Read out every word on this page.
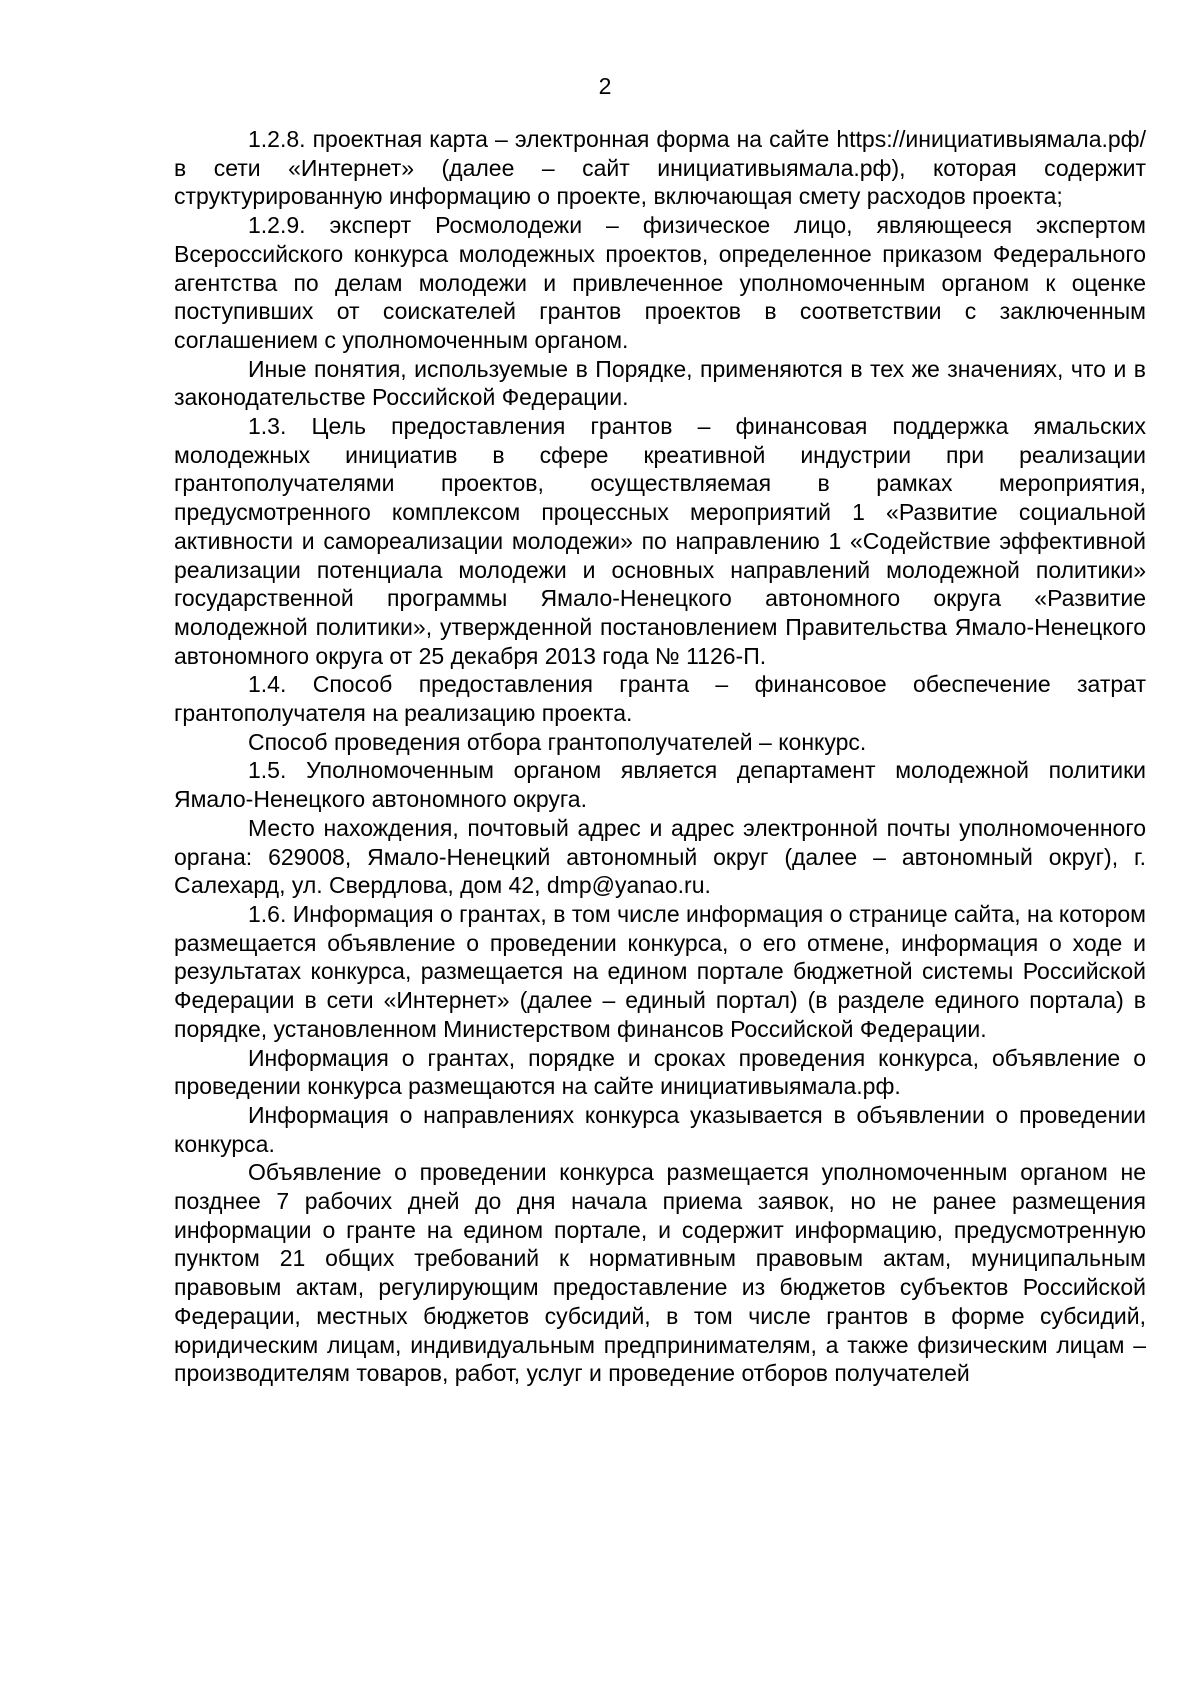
2

1.2.8. проектная карта – электронная форма на сайте https://инициативыямала.рф/ в сети «Интернет» (далее – сайт инициативыямала.рф), которая содержит структурированную информацию о проекте, включающая смету расходов проекта;

1.2.9. эксперт Росмолодежи – физическое лицо, являющееся экспертом Всероссийского конкурса молодежных проектов, определенное приказом Федерального агентства по делам молодежи и привлеченное уполномоченным органом к оценке поступивших от соискателей грантов проектов в соответствии с заключенным соглашением с уполномоченным органом.

Иные понятия, используемые в Порядке, применяются в тех же значениях, что и в законодательстве Российской Федерации.

1.3. Цель предоставления грантов – финансовая поддержка ямальских молодежных инициатив в сфере креативной индустрии при реализации грантополучателями проектов, осуществляемая в рамках мероприятия, предусмотренного комплексом процессных мероприятий 1 «Развитие социальной активности и самореализации молодежи» по направлению 1 «Содействие эффективной реализации потенциала молодежи и основных направлений молодежной политики» государственной программы Ямало-Ненецкого автономного округа «Развитие молодежной политики», утвержденной постановлением Правительства Ямало-Ненецкого автономного округа от 25 декабря 2013 года № 1126-П.

1.4. Способ предоставления гранта – финансовое обеспечение затрат грантополучателя на реализацию проекта.

Способ проведения отбора грантополучателей – конкурс.

1.5. Уполномоченным органом является департамент молодежной политики Ямало-Ненецкого автономного округа.

Место нахождения, почтовый адрес и адрес электронной почты уполномоченного органа: 629008, Ямало-Ненецкий автономный округ (далее – автономный округ), г. Салехард, ул. Свердлова, дом 42, dmp@yanao.ru.

1.6. Информация о грантах, в том числе информация о странице сайта, на котором размещается объявление о проведении конкурса, о его отмене, информация о ходе и результатах конкурса, размещается на едином портале бюджетной системы Российской Федерации в сети «Интернет» (далее – единый портал) (в разделе единого портала) в порядке, установленном Министерством финансов Российской Федерации.

Информация о грантах, порядке и сроках проведения конкурса, объявление о проведении конкурса размещаются на сайте инициативыямала.рф.

Информация о направлениях конкурса указывается в объявлении о проведении конкурса.

Объявление о проведении конкурса размещается уполномоченным органом не позднее 7 рабочих дней до дня начала приема заявок, но не ранее размещения информации о гранте на едином портале, и содержит информацию, предусмотренную пунктом 21 общих требований к нормативным правовым актам, муниципальным правовым актам, регулирующим предоставление из бюджетов субъектов Российской Федерации, местных бюджетов субсидий, в том числе грантов в форме субсидий, юридическим лицам, индивидуальным предпринимателям, а также физическим лицам – производителям товаров, работ, услуг и проведение отборов получателей
